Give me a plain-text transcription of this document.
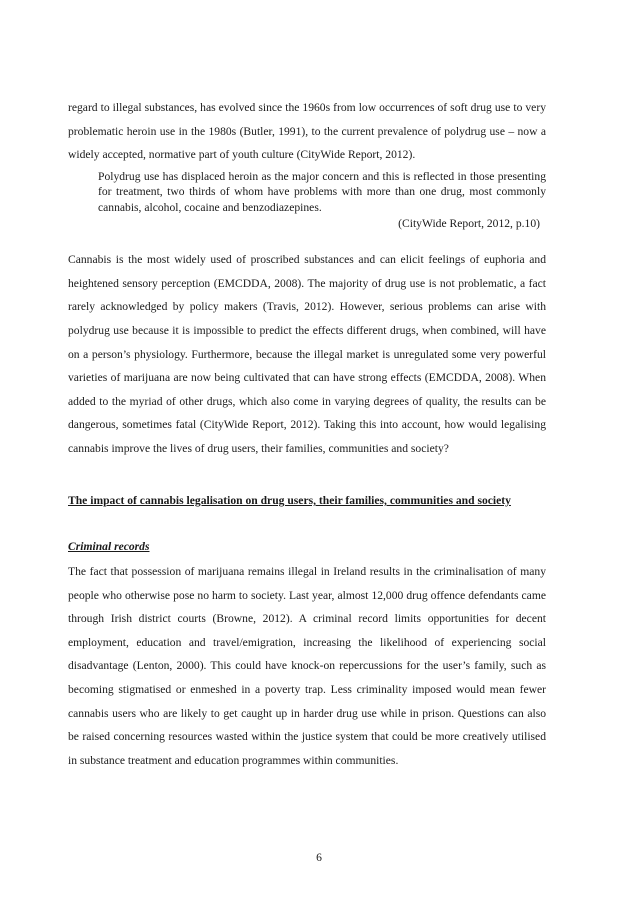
regard to illegal substances, has evolved since the 1960s from low occurrences of soft drug use to very problematic heroin use in the 1980s (Butler, 1991), to the current prevalence of polydrug use – now a widely accepted, normative part of youth culture (CityWide Report, 2012).

Polydrug use has displaced heroin as the major concern and this is reflected in those presenting for treatment, two thirds of whom have problems with more than one drug, most commonly cannabis, alcohol, cocaine and benzodiazepines.

(CityWide Report, 2012, p.10)

Cannabis is the most widely used of proscribed substances and can elicit feelings of euphoria and heightened sensory perception (EMCDDA, 2008). The majority of drug use is not problematic, a fact rarely acknowledged by policy makers (Travis, 2012). However, serious problems can arise with polydrug use because it is impossible to predict the effects different drugs, when combined, will have on a person’s physiology. Furthermore, because the illegal market is unregulated some very powerful varieties of marijuana are now being cultivated that can have strong effects (EMCDDA, 2008). When added to the myriad of other drugs, which also come in varying degrees of quality, the results can be dangerous, sometimes fatal (CityWide Report, 2012). Taking this into account, how would legalising cannabis improve the lives of drug users, their families, communities and society?

The impact of cannabis legalisation on drug users, their families, communities and society

Criminal records

The fact that possession of marijuana remains illegal in Ireland results in the criminalisation of many people who otherwise pose no harm to society. Last year, almost 12,000 drug offence defendants came through Irish district courts (Browne, 2012). A criminal record limits opportunities for decent employment, education and travel/emigration, increasing the likelihood of experiencing social disadvantage (Lenton, 2000). This could have knock-on repercussions for the user’s family, such as becoming stigmatised or enmeshed in a poverty trap. Less criminality imposed would mean fewer cannabis users who are likely to get caught up in harder drug use while in prison. Questions can also be raised concerning resources wasted within the justice system that could be more creatively utilised in substance treatment and education programmes within communities.

6
